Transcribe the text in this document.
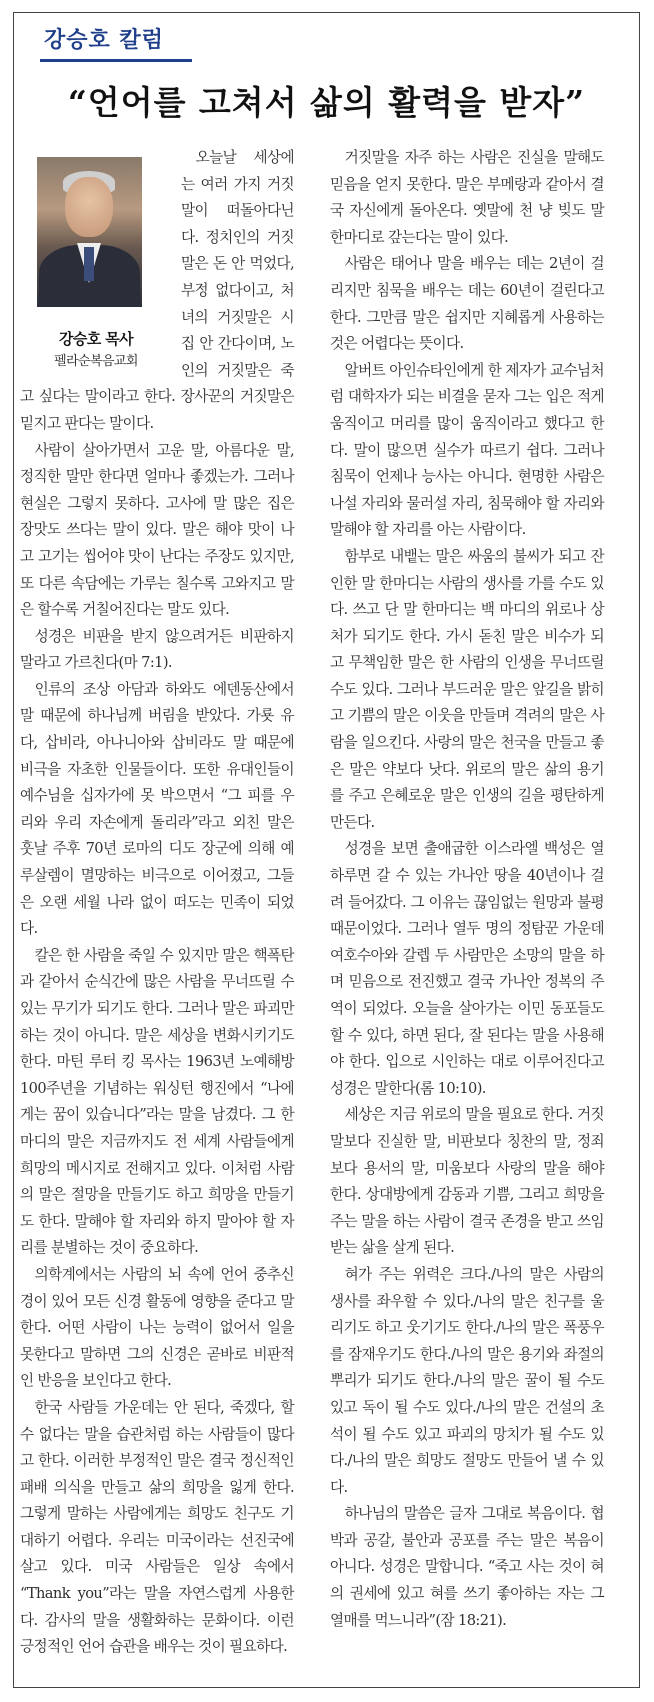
강승호 칼럼
“언어를 고쳐서 삶의 활력을 받자”
강승호 목사
펠라순복음교회

오늘날 세상에는 여러 가지 거짓말이 떠돌아다닌다. 정치인의 거짓말은 돈 안 먹었다, 부정 없다이고, 처녀의 거짓말은 시집 안 간다이며, 노인의 거짓말은 죽고 싶다는 말이라고 한다. 장사꾼의 거짓말은 밑지고 판다는 말이다.

사람이 살아가면서 고운 말, 아름다운 말, 정직한 말만 한다면 얼마나 좋겠는가. 그러나 현실은 그렇지 못하다. 고사에 말 많은 집은 장맛도 쓰다는 말이 있다. 말은 해야 맛이 나고 고기는 씹어야 맛이 난다는 주장도 있지만, 또 다른 속담에는 가루는 칠수록 고와지고 말은 할수록 거칠어진다는 말도 있다.

성경은 비판을 받지 않으려거든 비판하지 말라고 가르친다(마 7:1).

인류의 조상 아담과 하와도 에덴동산에서 말 때문에 하나님께 버림을 받았다. 가룟 유다, 삽비라, 아나니아와 삽비라도 말 때문에 비극을 자초한 인물들이다. 또한 유대인들이 예수님을 십자가에 못 박으면서 “그 피를 우리와 우리 자손에게 돌리라”라고 외친 말은 훗날 주후 70년 로마의 디도 장군에 의해 예루살렘이 멸망하는 비극으로 이어졌고, 그들은 오랜 세월 나라 없이 떠도는 민족이 되었다.

칼은 한 사람을 죽일 수 있지만 말은 핵폭탄과 같아서 순식간에 많은 사람을 무너뜨릴 수 있는 무기가 되기도 한다. 그러나 말은 파괴만 하는 것이 아니다. 말은 세상을 변화시키기도 한다. 마틴 루터 킹 목사는 1963년 노예해방 100주년을 기념하는 워싱턴 행진에서 “나에게는 꿈이 있습니다”라는 말을 남겼다. 그 한마디의 말은 지금까지도 전 세계 사람들에게 희망의 메시지로 전해지고 있다. 이처럼 사람의 말은 절망을 만들기도 하고 희망을 만들기도 한다. 말해야 할 자리와 하지 말아야 할 자리를 분별하는 것이 중요하다.

의학계에서는 사람의 뇌 속에 언어 중추신경이 있어 모든 신경 활동에 영향을 준다고 말한다. 어떤 사람이 나는 능력이 없어서 일을 못한다고 말하면 그의 신경은 곧바로 비판적인 반응을 보인다고 한다.

한국 사람들 가운데는 안 된다, 죽겠다, 할 수 없다는 말을 습관처럼 하는 사람들이 많다고 한다. 이러한 부정적인 말은 결국 정신적인 패배 의식을 만들고 삶의 희망을 잃게 한다. 그렇게 말하는 사람에게는 희망도 친구도 기대하기 어렵다. 우리는 미국이라는 선진국에 살고 있다. 미국 사람들은 일상 속에서 “Thank you”라는 말을 자연스럽게 사용한다. 감사의 말을 생활화하는 문화이다. 이런 긍정적인 언어 습관을 배우는 것이 필요하다.

거짓말을 자주 하는 사람은 진실을 말해도 믿음을 얻지 못한다. 말은 부메랑과 같아서 결국 자신에게 돌아온다. 옛말에 천 냥 빚도 말 한마디로 갚는다는 말이 있다.

사람은 태어나 말을 배우는 데는 2년이 걸리지만 침묵을 배우는 데는 60년이 걸린다고 한다. 그만큼 말은 쉽지만 지혜롭게 사용하는 것은 어렵다는 뜻이다.

알버트 아인슈타인에게 한 제자가 교수님처럼 대학자가 되는 비결을 묻자 그는 입은 적게 움직이고 머리를 많이 움직이라고 했다고 한다. 말이 많으면 실수가 따르기 쉽다. 그러나 침묵이 언제나 능사는 아니다. 현명한 사람은 나설 자리와 물러설 자리, 침묵해야 할 자리와 말해야 할 자리를 아는 사람이다.

함부로 내뱉는 말은 싸움의 불씨가 되고 잔인한 말 한마디는 사람의 생사를 가를 수도 있다. 쓰고 단 말 한마디는 백 마디의 위로나 상처가 되기도 한다. 가시 돋친 말은 비수가 되고 무책임한 말은 한 사람의 인생을 무너뜨릴 수도 있다. 그러나 부드러운 말은 앞길을 밝히고 기쁨의 말은 이웃을 만들며 격려의 말은 사람을 일으킨다. 사랑의 말은 천국을 만들고 좋은 말은 약보다 낫다. 위로의 말은 삶의 용기를 주고 은혜로운 말은 인생의 길을 평탄하게 만든다.

성경을 보면 출애굽한 이스라엘 백성은 열하루면 갈 수 있는 가나안 땅을 40년이나 걸려 들어갔다. 그 이유는 끊임없는 원망과 불평 때문이었다. 그러나 열두 명의 정탐꾼 가운데 여호수아와 갈렙 두 사람만은 소망의 말을 하며 믿음으로 전진했고 결국 가나안 정복의 주역이 되었다. 오늘을 살아가는 이민 동포들도 할 수 있다, 하면 된다, 잘 된다는 말을 사용해야 한다. 입으로 시인하는 대로 이루어진다고 성경은 말한다(롬 10:10).

세상은 지금 위로의 말을 필요로 한다. 거짓말보다 진실한 말, 비판보다 칭찬의 말, 정죄보다 용서의 말, 미움보다 사랑의 말을 해야 한다. 상대방에게 감동과 기쁨, 그리고 희망을 주는 말을 하는 사람이 결국 존경을 받고 쓰임 받는 삶을 살게 된다.

혀가 주는 위력은 크다./나의 말은 사람의 생사를 좌우할 수 있다./나의 말은 친구를 울리기도 하고 웃기기도 한다./나의 말은 폭풍우를 잠재우기도 한다./나의 말은 용기와 좌절의 뿌리가 되기도 한다./나의 말은 꿀이 될 수도 있고 독이 될 수도 있다./나의 말은 건설의 초석이 될 수도 있고 파괴의 망치가 될 수도 있다./나의 말은 희망도 절망도 만들어 낼 수 있다.

하나님의 말씀은 글자 그대로 복음이다. 협박과 공갈, 불안과 공포를 주는 말은 복음이 아니다. 성경은 말합니다. “죽고 사는 것이 혀의 권세에 있고 혀를 쓰기 좋아하는 자는 그 열매를 먹느니라”(잠 18:21).
